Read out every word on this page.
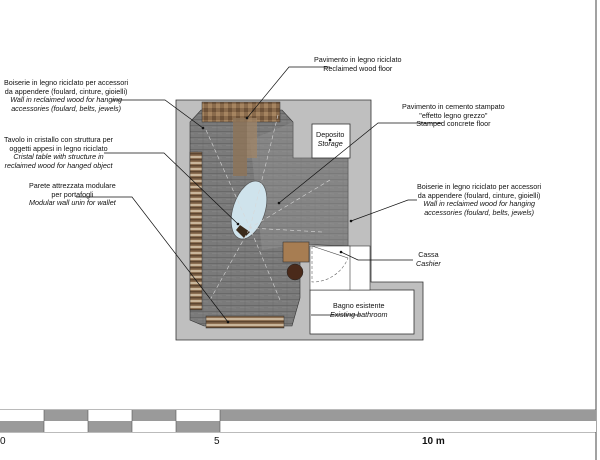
Boiserie in legno riciclato per accessori
da appendere (foulard, cinture, gioielli)
Wall in reclaimed wood for hanging
accessories (foulard, belts, jewels)
Tavolo in cristallo con struttura per
oggetti appesi in legno riciclato
Cristal table with structure in
reclaimed wood for hanged object
Parete attrezzata modulare
per portafogli
Modular wall unin for wallet
Pavimento in legno riciclato
Reclaimed wood floor
Pavimento in cemento stampato
"effetto legno grezzo"
Stamped concrete floor
Deposito
Storage
Boiserie in legno riciclato per accessori
da appendere (foulard, cinture, gioielli)
Wall in reclaimed wood for hanging
accessories (foulard, belts, jewels)
Cassa
Cashier
Bagno esistente
Existing bathroom
0	5	10 m
